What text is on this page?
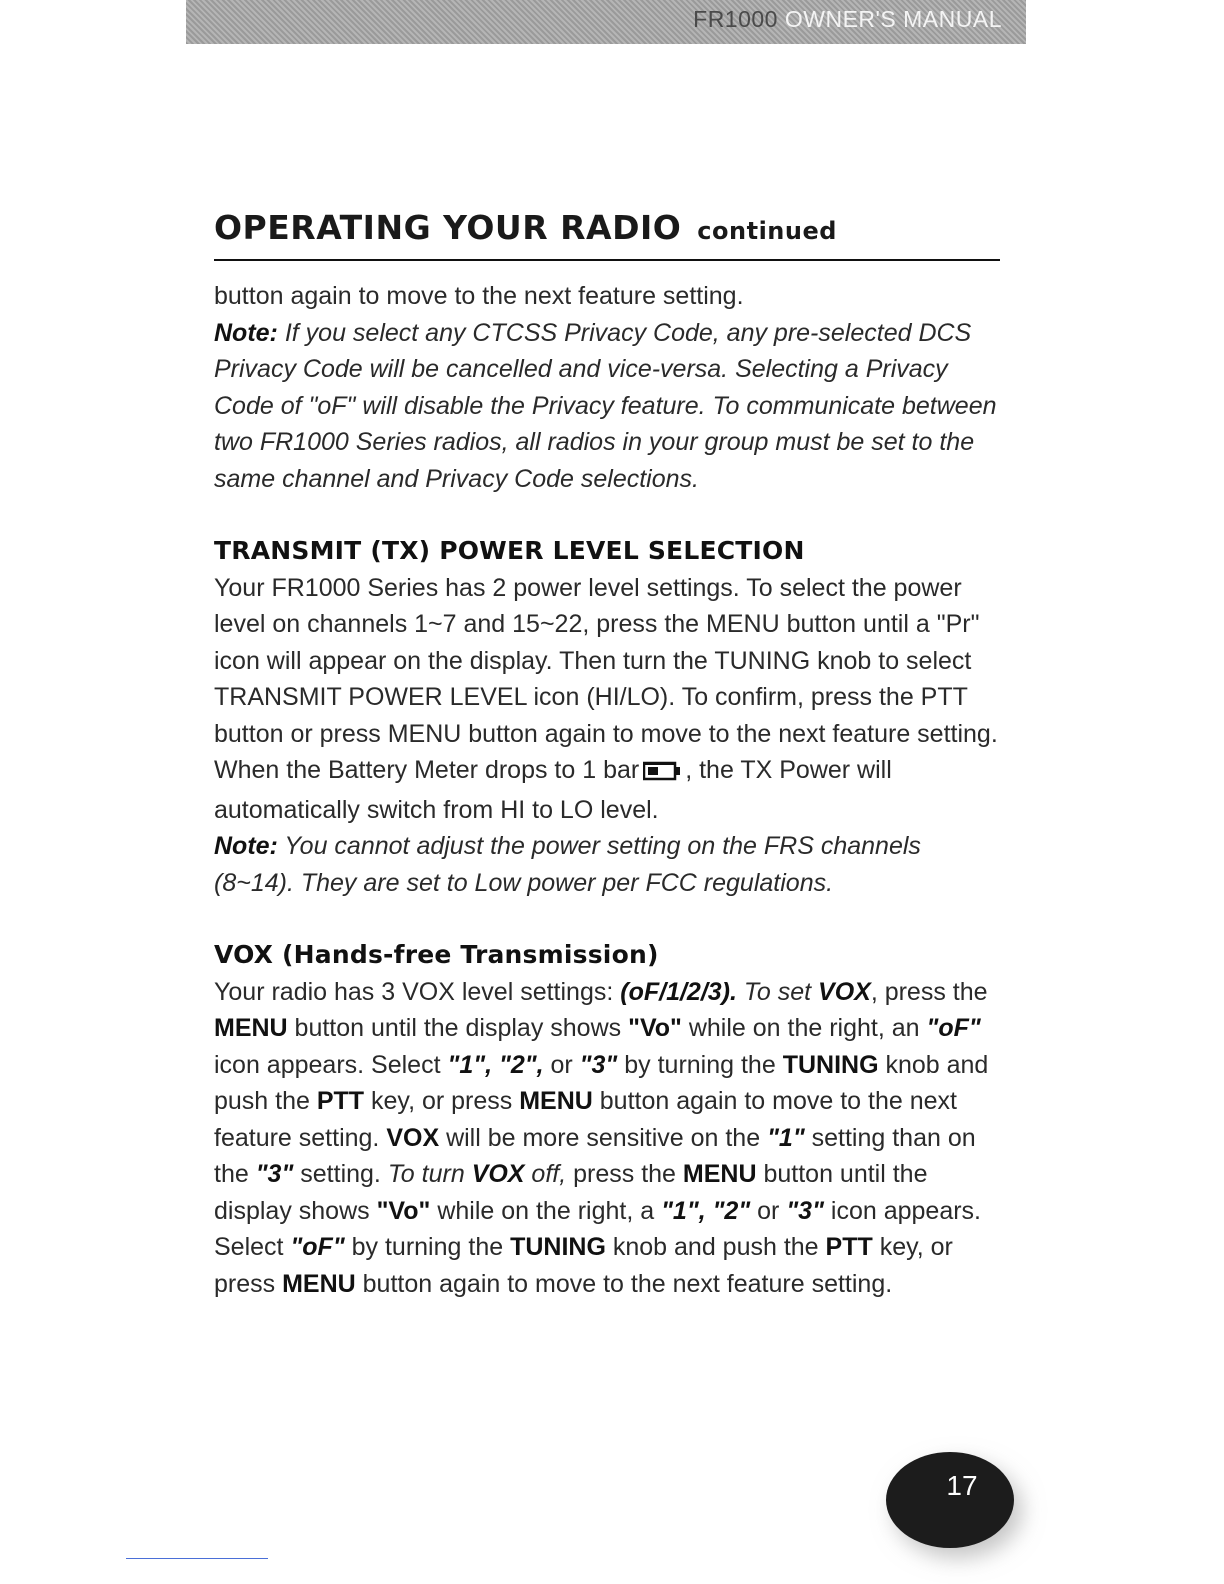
FR1000 OWNER'S MANUAL
OPERATING YOUR RADIO continued

button again to move to the next feature setting.
Note: If you select any CTCSS Privacy Code, any pre-selected DCS Privacy Code will be cancelled and vice-versa. Selecting a Privacy Code of "oF" will disable the Privacy feature. To communicate between two FR1000 Series radios, all radios in your group must be set to the same channel and Privacy Code selections.

TRANSMIT (TX) POWER LEVEL SELECTION

Your FR1000 Series has 2 power level settings. To select the power level on channels 1~7 and 15~22, press the MENU button until a "Pr" icon will appear on the display. Then turn the TUNING knob to select TRANSMIT POWER LEVEL icon (HI/LO). To confirm, press the PTT button or press MENU button again to move to the next feature setting. When the Battery Meter drops to 1 bar , the TX Power will automatically switch from HI to LO level.
Note: You cannot adjust the power setting on the FRS channels (8~14). They are set to Low power per FCC regulations.

VOX (Hands-free Transmission)

Your radio has 3 VOX level settings: (oF/1/2/3). To set VOX, press the MENU button until the display shows "Vo" while on the right, an "oF" icon appears. Select "1", "2", or "3" by turning the TUNING knob and push the PTT key, or press MENU button again to move to the next feature setting. VOX will be more sensitive on the "1" setting than on the "3" setting. To turn VOX off, press the MENU button until the display shows "Vo" while on the right, a "1", "2" or "3" icon appears. Select "oF" by turning the TUNING knob and push the PTT key, or press MENU button again to move to the next feature setting.

17
